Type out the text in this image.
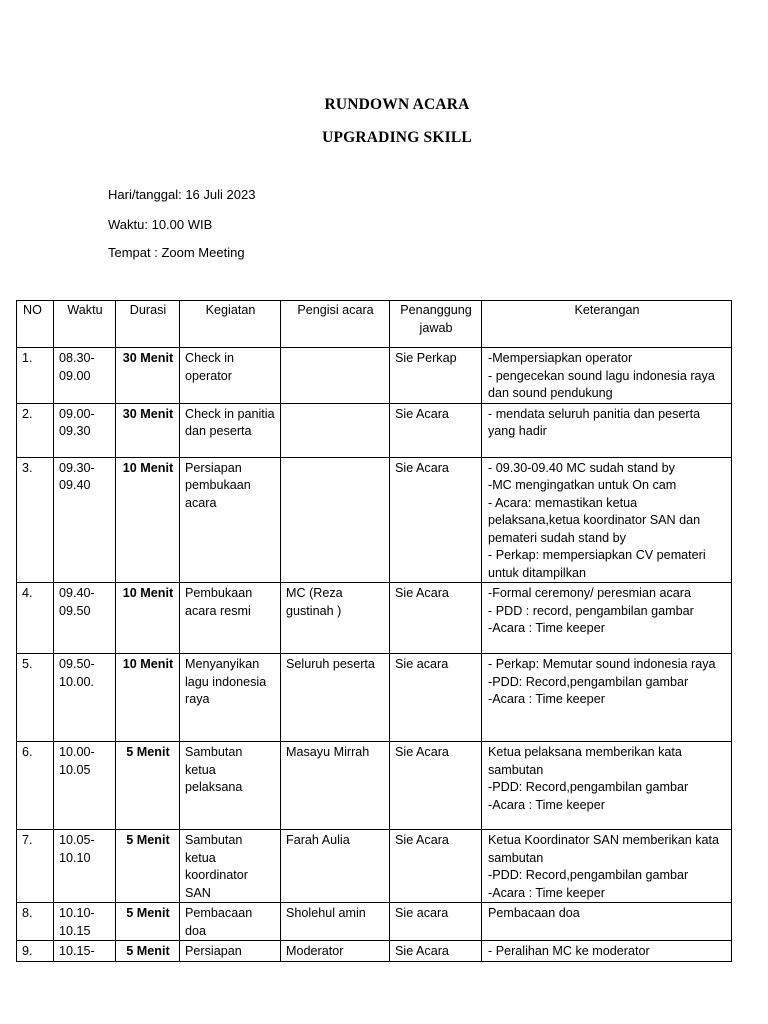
RUNDOWN ACARA
UPGRADING SKILL
Hari/tanggal: 16 Juli 2023
Waktu: 10.00 WIB
Tempat : Zoom Meeting
NO	Waktu	Durasi	Kegiatan	Pengisi acara	Penanggung jawab	Keterangan
1.	08.30-09.00	30 Menit	Check in operator		Sie Perkap	-Mempersiapkan operator
- pengecekan sound lagu indonesia raya dan sound pendukung

2.	09.00-09.30	30 Menit	Check in panitia dan peserta		Sie Acara	- mendata seluruh panitia dan peserta yang hadir

3.	09.30-09.40	10 Menit	Persiapan pembukaan acara		Sie Acara	- 09.30-09.40 MC sudah stand by
-MC mengingatkan untuk On cam
- Acara: memastikan ketua pelaksana,ketua koordinator SAN dan pemateri sudah stand by
- Perkap: mempersiapkan CV pemateri untuk ditampilkan

4.	09.40-09.50	10 Menit	Pembukaan acara resmi	MC (Reza gustinah )	Sie Acara	-Formal ceremony/ peresmian acara
- PDD : record, pengambilan gambar
-Acara : Time keeper

5.	09.50-10.00.	10 Menit	Menyanyikan lagu indonesia raya	Seluruh peserta	Sie acara	- Perkap: Memutar sound indonesia raya
-PDD: Record,pengambilan gambar
-Acara : Time keeper

6.	10.00-10.05	5 Menit	Sambutan ketua pelaksana	Masayu Mirrah	Sie Acara	Ketua pelaksana memberikan kata sambutan
-PDD: Record,pengambilan gambar
-Acara : Time keeper

7.	10.05-10.10	5 Menit	Sambutan ketua koordinator SAN	Farah Aulia	Sie Acara	Ketua Koordinator SAN memberikan kata sambutan
-PDD: Record,pengambilan gambar
-Acara : Time keeper

8.	10.10-10.15	5 Menit	Pembacaan doa	Sholehul amin	Sie acara	Pembacaan doa

9.	10.15-	5 Menit	Persiapan	Moderator	Sie Acara	- Peralihan MC ke moderator
